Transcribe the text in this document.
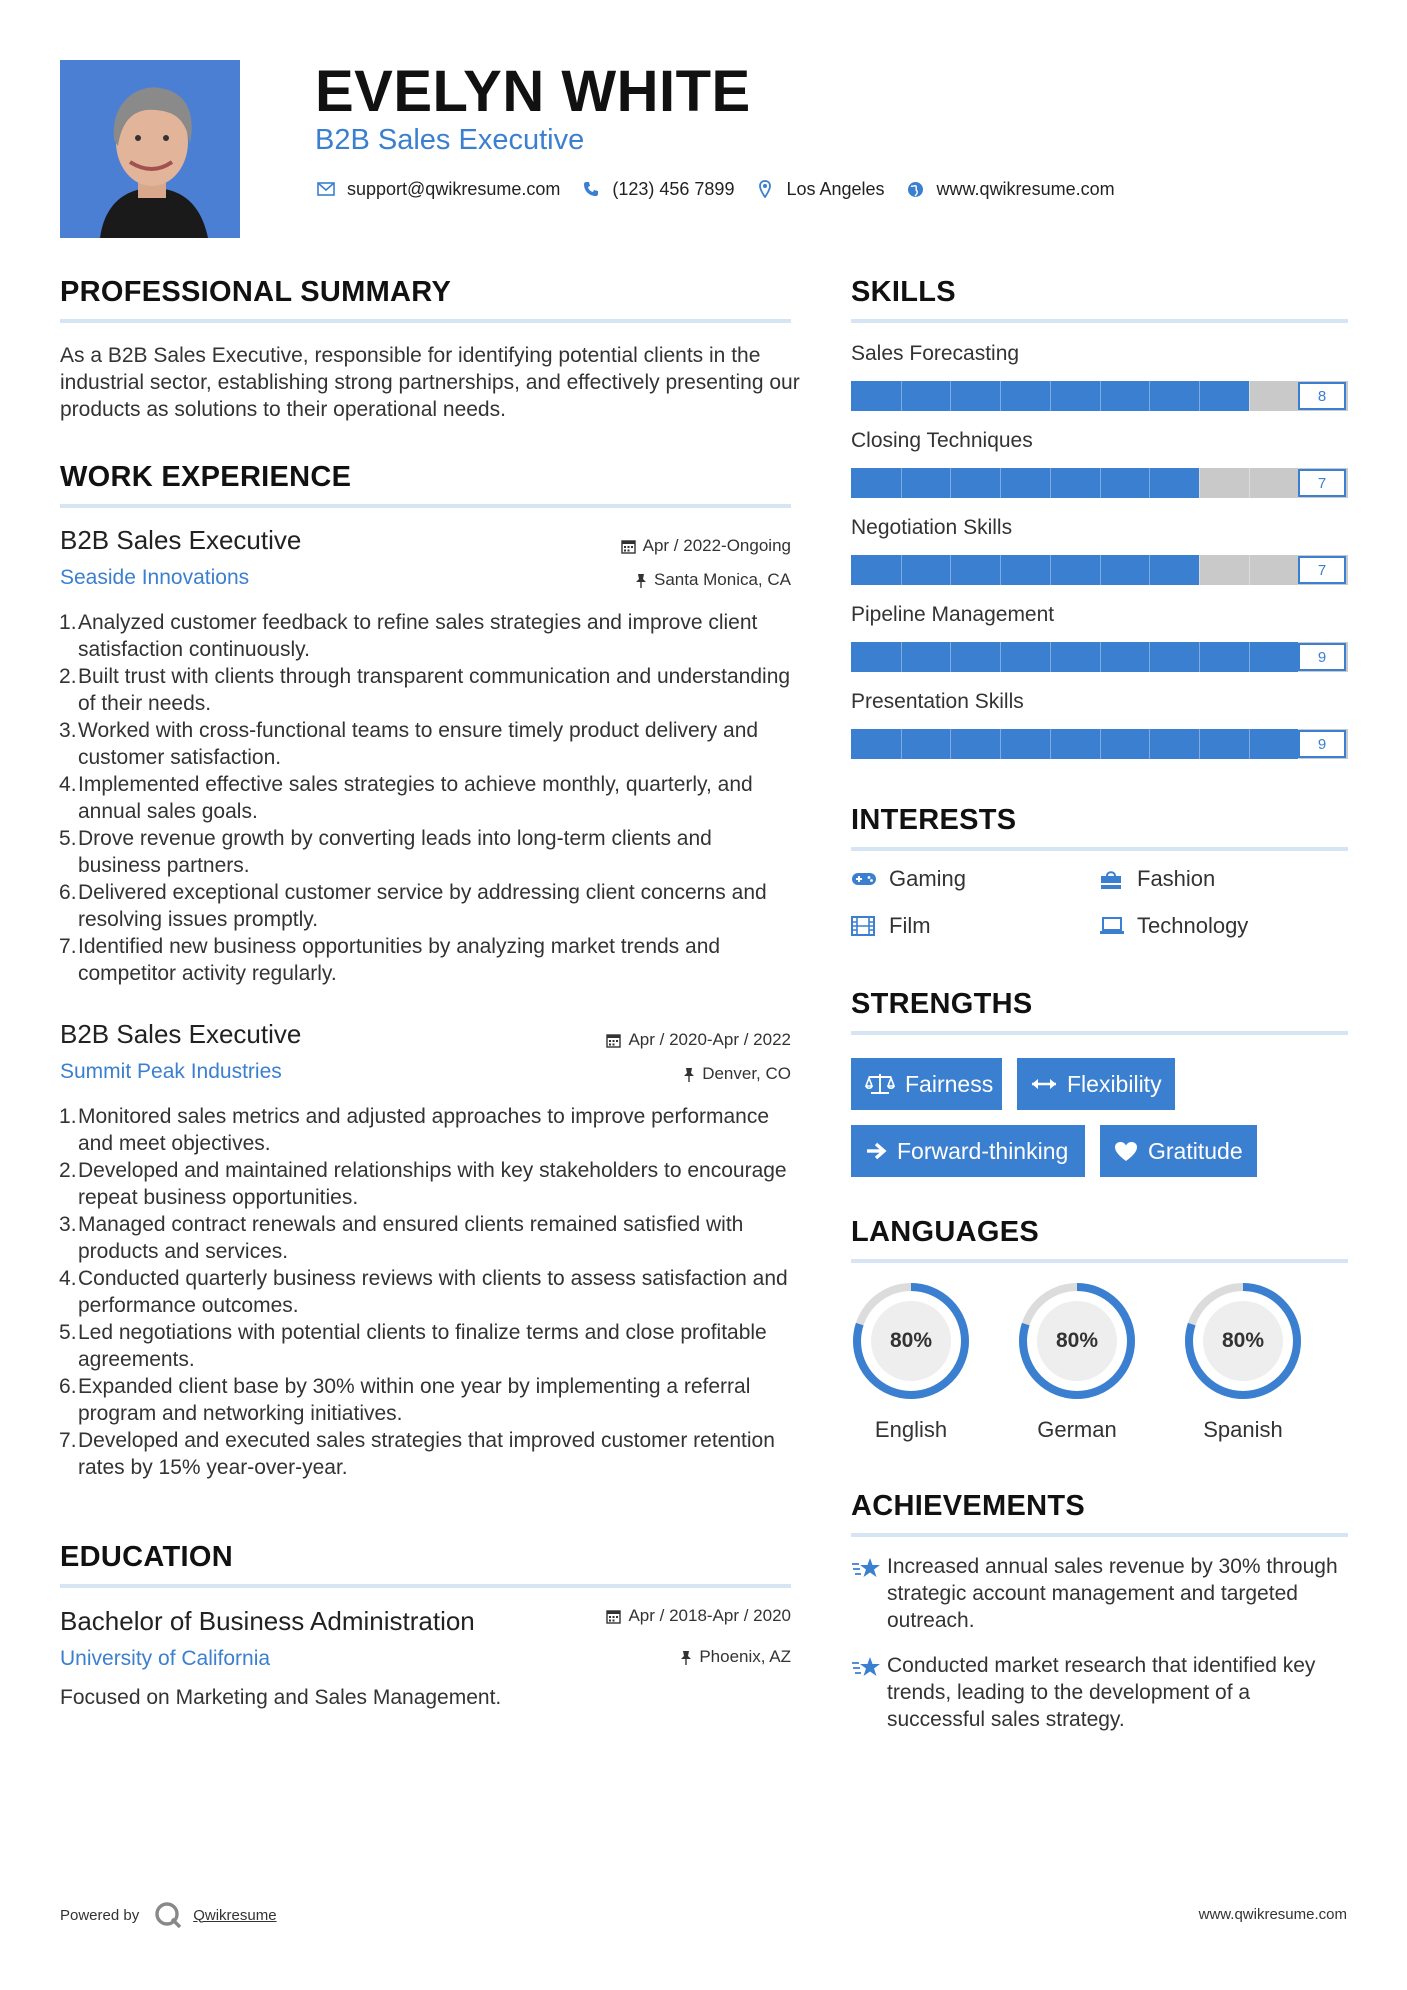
EVELYN WHITE
B2B Sales Executive
support@qwikresume.com	(123) 456 7899	Los Angeles	www.qwikresume.com
PROFESSIONAL SUMMARY
As a B2B Sales Executive, responsible for identifying potential clients in the industrial sector, establishing strong partnerships, and effectively presenting our products as solutions to their operational needs.
WORK EXPERIENCE
B2B Sales Executive
Seaside Innovations
Apr / 2022-Ongoing
Santa Monica, CA
Analyzed customer feedback to refine sales strategies and improve client satisfaction continuously.
Built trust with clients through transparent communication and understanding of their needs.
Worked with cross-functional teams to ensure timely product delivery and customer satisfaction.
Implemented effective sales strategies to achieve monthly, quarterly, and annual sales goals.
Drove revenue growth by converting leads into long-term clients and business partners.
Delivered exceptional customer service by addressing client concerns and resolving issues promptly.
Identified new business opportunities by analyzing market trends and competitor activity regularly.
B2B Sales Executive
Summit Peak Industries
Apr / 2020-Apr / 2022
Denver, CO
Monitored sales metrics and adjusted approaches to improve performance and meet objectives.
Developed and maintained relationships with key stakeholders to encourage repeat business opportunities.
Managed contract renewals and ensured clients remained satisfied with products and services.
Conducted quarterly business reviews with clients to assess satisfaction and performance outcomes.
Led negotiations with potential clients to finalize terms and close profitable agreements.
Expanded client base by 30% within one year by implementing a referral program and networking initiatives.
Developed and executed sales strategies that improved customer retention rates by 15% year-over-year.
EDUCATION
Bachelor of Business Administration
University of California
Apr / 2018-Apr / 2020
Phoenix, AZ
Focused on Marketing and Sales Management.
SKILLS
Sales Forecasting
8
Closing Techniques
7
Negotiation Skills
7
Pipeline Management
9
Presentation Skills
9
INTERESTS
Gaming	Fashion
Film	Technology
STRENGTHS
Fairness	Flexibility
Forward-thinking	Gratitude
LANGUAGES
80%
English
80%
German
80%
Spanish
ACHIEVEMENTS
Increased annual sales revenue by 30% through strategic account management and targeted outreach.
Conducted market research that identified key trends, leading to the development of a successful sales strategy.
Powered by	Qwikresume	www.qwikresume.com
